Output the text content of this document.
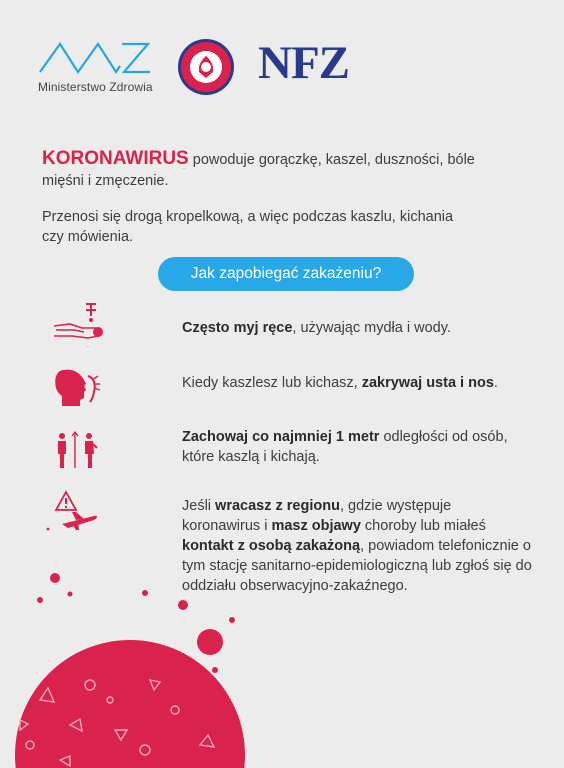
Ministerstwo Zdrowia NFZ
KORONAWIRUS powoduje gorączkę, kaszel, duszności, bóle mięśni i zmęczenie.
Przenosi się drogą kropelkową, a więc podczas kaszlu, kichania czy mówienia.
Jak zapobiegać zakażeniu?
Często myj ręce, używając mydła i wody.
Kiedy kaszlesz lub kichasz, zakrywaj usta i nos.
Zachowaj co najmniej 1 metr odległości od osób, które kaszlą i kichają.
Jeśli wracasz z regionu, gdzie występuje koronawirus i masz objawy choroby lub miałeś kontakt z osobą zakażoną, powiadom telefonicznie o tym stację sanitarno-epidemiologiczną lub zgłoś się do oddziału obserwacyjno-zakaźnego.
